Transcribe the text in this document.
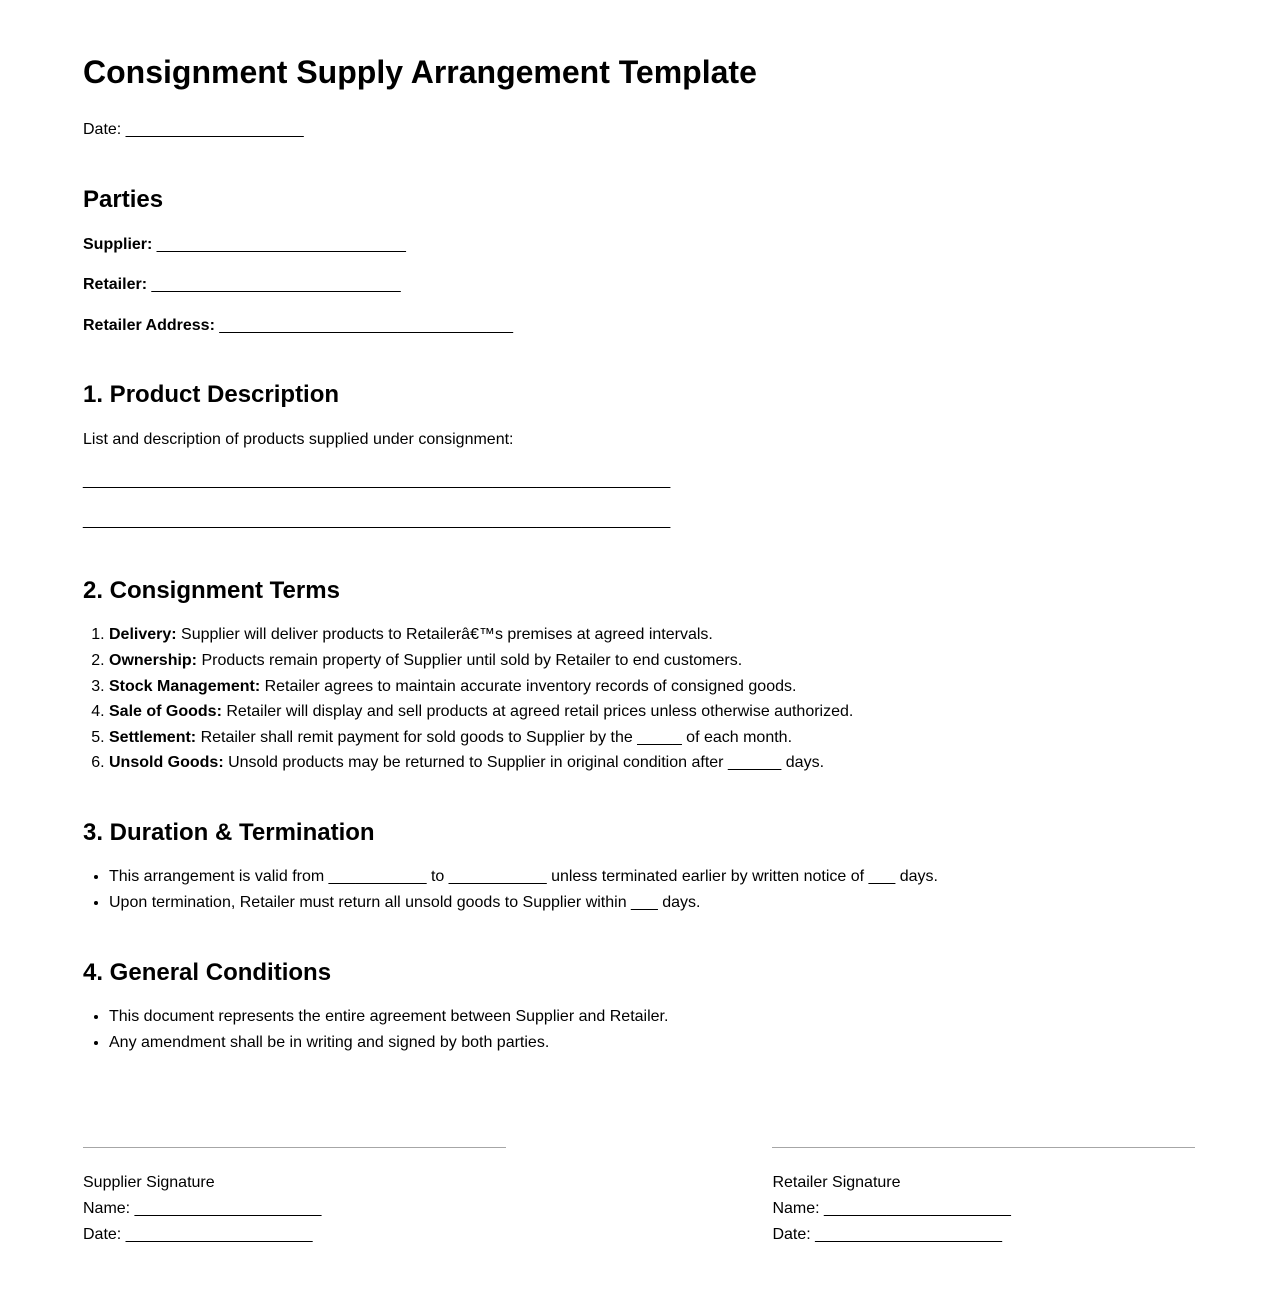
Consignment Supply Arrangement Template

Date: ____________________

Parties

Supplier: ____________________________

Retailer: ____________________________

Retailer Address: _________________________________

1. Product Description

List and description of products supplied under consignment:

__________________________________________________________________

__________________________________________________________________

2. Consignment Terms
1. Delivery: Supplier will deliver products to Retailerâ€™s premises at agreed intervals.
2. Ownership: Products remain property of Supplier until sold by Retailer to end customers.
3. Stock Management: Retailer agrees to maintain accurate inventory records of consigned goods.
4. Sale of Goods: Retailer will display and sell products at agreed retail prices unless otherwise authorized.
5. Settlement: Retailer shall remit payment for sold goods to Supplier by the _____ of each month.
6. Unsold Goods: Unsold products may be returned to Supplier in original condition after ______ days.
3. Duration & Termination
• This arrangement is valid from ___________ to ___________ unless terminated earlier by written notice of ___ days.
• Upon termination, Retailer must return all unsold goods to Supplier within ___ days.
4. General Conditions
• This document represents the entire agreement between Supplier and Retailer.
• Any amendment shall be in writing and signed by both parties.

Supplier Signature

Name: _____________________

Date: _____________________

Retailer Signature

Name: _____________________

Date: _____________________
